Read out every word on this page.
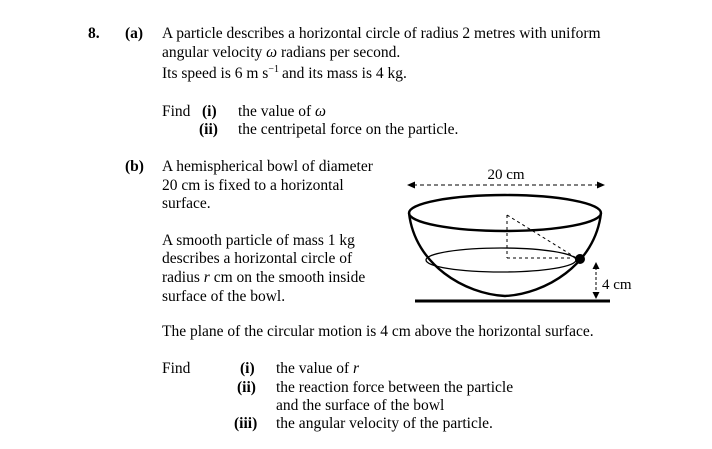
8. (a) A particle describes a horizontal circle of radius 2 metres with uniform
angular velocity ω radians per second.
Its speed is 6 m $s^{-1}$ and its mass is 4 kg.
Find (i) the value of ω
(ii) the centripetal force on the particle.
(b) A hemispherical bowl of diameter
20 cm is fixed to a horizontal
surface.
A smooth particle of mass 1 kg
describes a horizontal circle of
radius r cm on the smooth inside
surface of the bowl.
The plane of the circular motion is 4 cm above the horizontal surface.
Find	(i) the value of r
(ii) the reaction force between the particle
and the surface of the bowl
(iii) the angular velocity of the particle.
20 cm
4 cm
